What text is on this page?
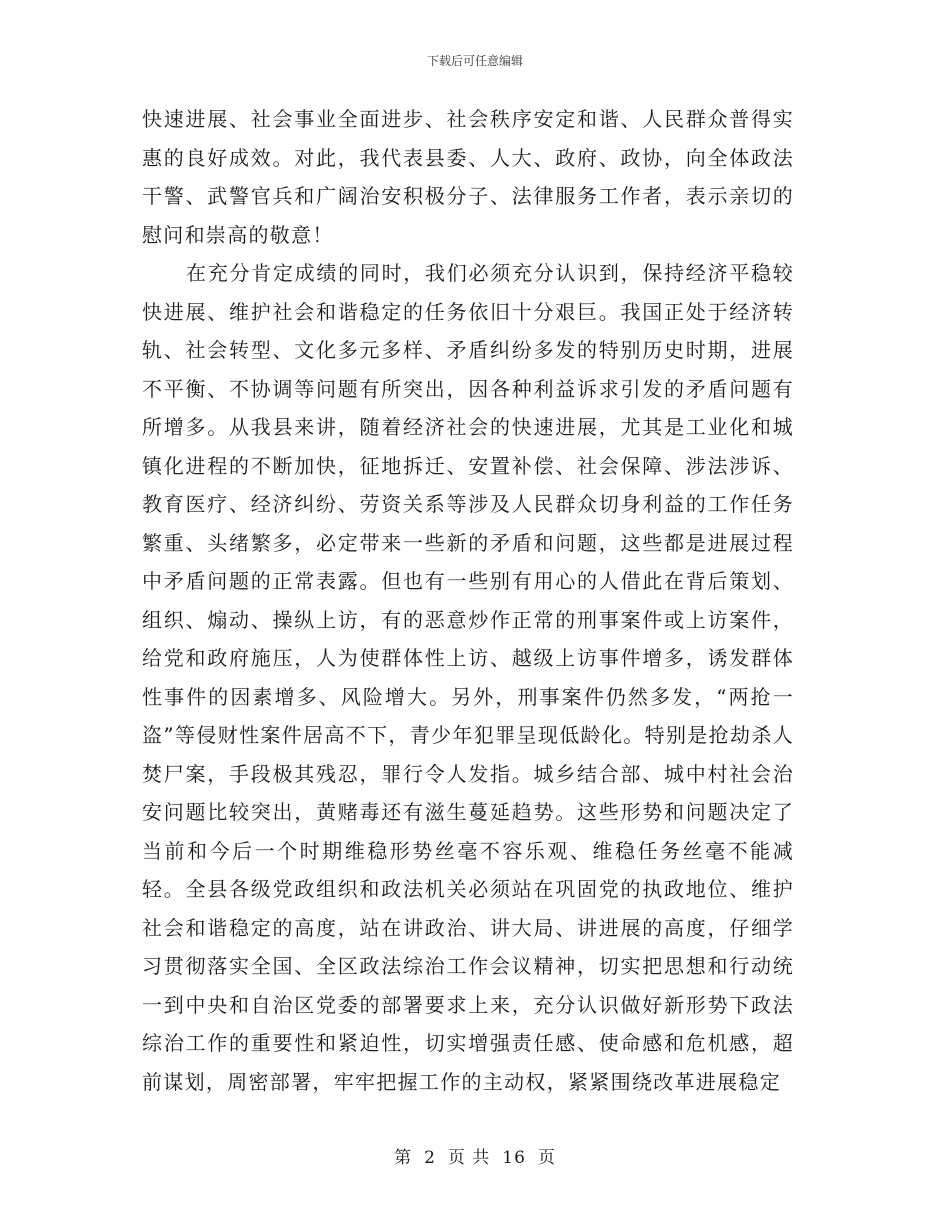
下载后可任意编辑

快速进展、社会事业全面进步、社会秩序安定和谐、人民群众普得实惠的良好成效。对此，我代表县委、人大、政府、政协，向全体政法干警、武警官兵和广阔治安积极分子、法律服务工作者，表示亲切的慰问和崇高的敬意！

在充分肯定成绩的同时，我们必须充分认识到，保持经济平稳较快进展、维护社会和谐稳定的任务依旧十分艰巨。我国正处于经济转轨、社会转型、文化多元多样、矛盾纠纷多发的特别历史时期，进展不平衡、不协调等问题有所突出，因各种利益诉求引发的矛盾问题有所增多。从我县来讲，随着经济社会的快速进展，尤其是工业化和城镇化进程的不断加快，征地拆迁、安置补偿、社会保障、涉法涉诉、教育医疗、经济纠纷、劳资关系等涉及人民群众切身利益的工作任务繁重、头绪繁多，必定带来一些新的矛盾和问题，这些都是进展过程中矛盾问题的正常表露。但也有一些别有用心的人借此在背后策划、组织、煽动、操纵上访，有的恶意炒作正常的刑事案件或上访案件，给党和政府施压，人为使群体性上访、越级上访事件增多，诱发群体性事件的因素增多、风险增大。另外，刑事案件仍然多发，“两抢一盗”等侵财性案件居高不下，青少年犯罪呈现低龄化。特别是抢劫杀人焚尸案，手段极其残忍，罪行令人发指。城乡结合部、城中村社会治安问题比较突出，黄赌毒还有滋生蔓延趋势。这些形势和问题决定了当前和今后一个时期维稳形势丝毫不容乐观、维稳任务丝毫不能减轻。全县各级党政组织和政法机关必须站在巩固党的执政地位、维护社会和谐稳定的高度，站在讲政治、讲大局、讲进展的高度，仔细学习贯彻落实全国、全区政法综治工作会议精神，切实把思想和行动统一到中央和自治区党委的部署要求上来，充分认识做好新形势下政法综治工作的重要性和紧迫性，切实增强责任感、使命感和危机感，超前谋划，周密部署，牢牢把握工作的主动权，紧紧围绕改革进展稳定

第 2 页 共 16 页
